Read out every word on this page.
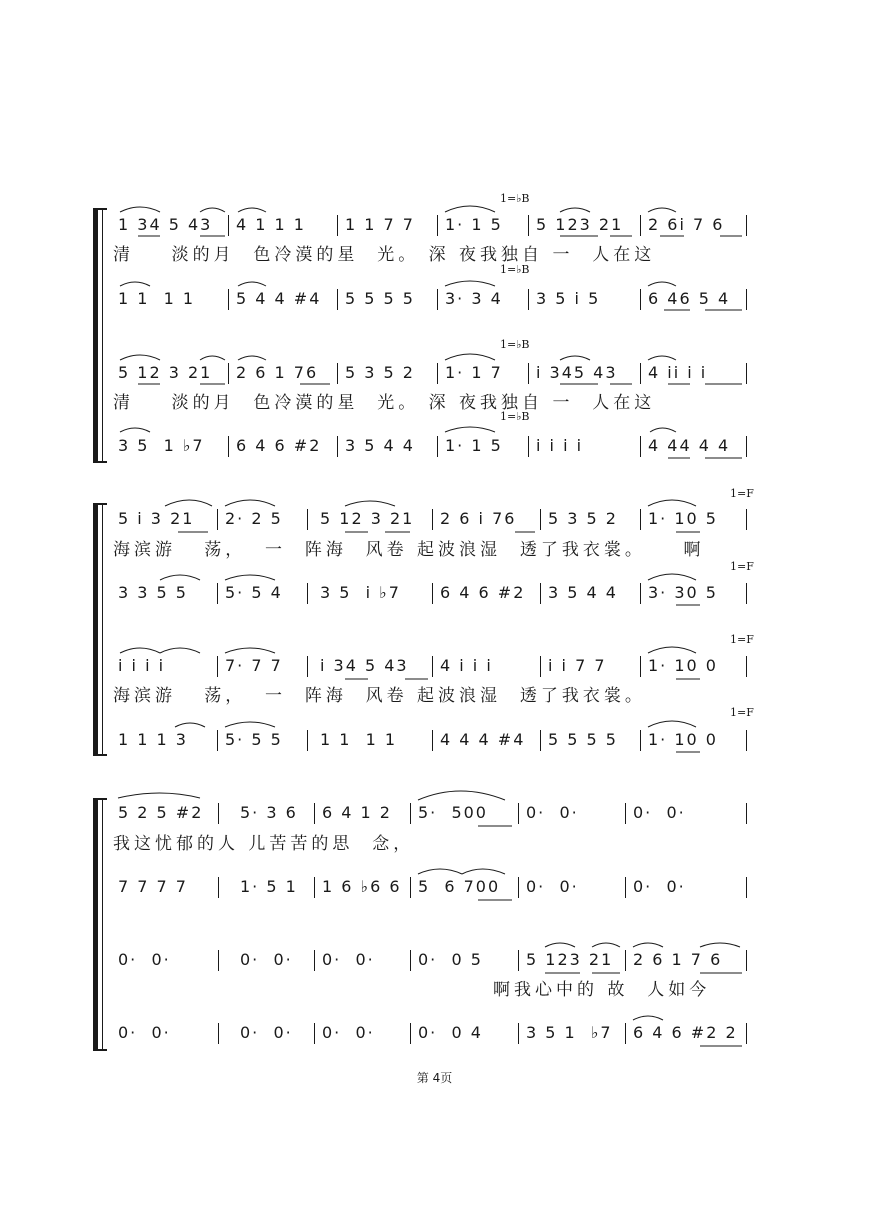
1=♭B
1=♭B
1=♭B
1=♭B
1 34 5 43 4 1 1 1 1 1 7 7 1· 1 5 5 123 21 2 6i 7 6
清    淡的月  色冷漠的星  光。 深 夜我独自 一  人在这
1 1  1 1	5 4 4 #4 5 5 5 5 3· 3 4 3 5 i 5	6 46 5 4
5 12 3 21 2 6 1 76 5 3 5 2 1· 1 7 i 345 43 4 ii i i
清    淡的月  色冷漠的星  光。 深 夜我独自 一  人在这
3 5  1 ♭7 6 4 6 #2 3 5 4 4 1· 1 5 i i i i	4 44 4 4
1=F
1=F
1=F
1=F
5 i 3 21 2· 2 5 5 12 3 21 2 6 i 76 5 3 5 2 1· 10 5
海滨游   荡，  一  阵海  风卷 起波浪湿  透了我衣裳。    啊
3 3 5 5 5· 5 4 3 5  i ♭7 6 4 6 #2 3 5 4 4 3· 30 5
i i i i	7· 7 7 i 34 5 43 4 i i i	i i 7 7	1· 10 0
海滨游   荡，  一  阵海  风卷 起波浪湿  透了我衣裳。
1 1 1 3 5· 5 5 1 1  1 1	4 4 4 #4 5 5 5 5 1· 10 0
5 2 5 #2 5· 3 6 6 4 1 2 5·  500 0·  0·	0·  0·
我这忧郁的人 儿苦苦的思  念，
7 7 7 7	1· 5 1 1 6 ♭6 6 5  6 700 0·  0·	0·  0·
0·  0·	0·  0· 0·  0·	0·  0 5	5 123 21 2 6 1 7 6
啊我心中的 故  人如今
0·  0·	0·  0· 0·  0·	0·  0 4	3 5 1  ♭7 6 4 6 #2 2
第 4页
